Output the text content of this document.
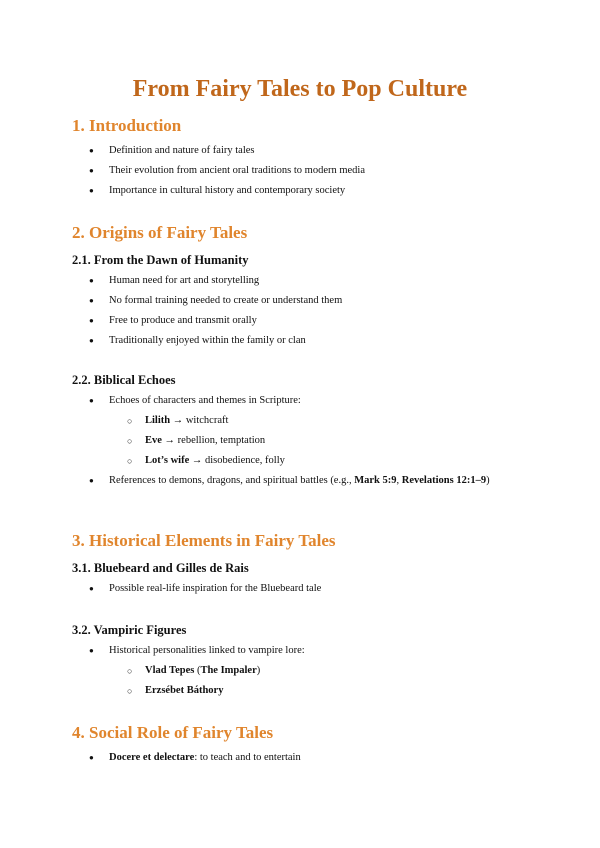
From Fairy Tales to Pop Culture
1. Introduction
● Definition and nature of fairy tales
● Their evolution from ancient oral traditions to modern media
● Importance in cultural history and contemporary society
2. Origins of Fairy Tales
2.1. From the Dawn of Humanity
● Human need for art and storytelling
● No formal training needed to create or understand them
● Free to produce and transmit orally
● Traditionally enjoyed within the family or clan
2.2. Biblical Echoes
● Echoes of characters and themes in Scripture:
○ Lilith → witchcraft
○ Eve → rebellion, temptation
○ Lot’s wife → disobedience, folly
● References to demons, dragons, and spiritual battles (e.g., Mark 5:9, Revelations 12:1–9)
3. Historical Elements in Fairy Tales
3.1. Bluebeard and Gilles de Rais
● Possible real-life inspiration for the Bluebeard tale
3.2. Vampiric Figures
● Historical personalities linked to vampire lore:
○ Vlad Tepes (The Impaler)
○ Erzsébet Báthory
4. Social Role of Fairy Tales
● Docere et delectare: to teach and to entertain
